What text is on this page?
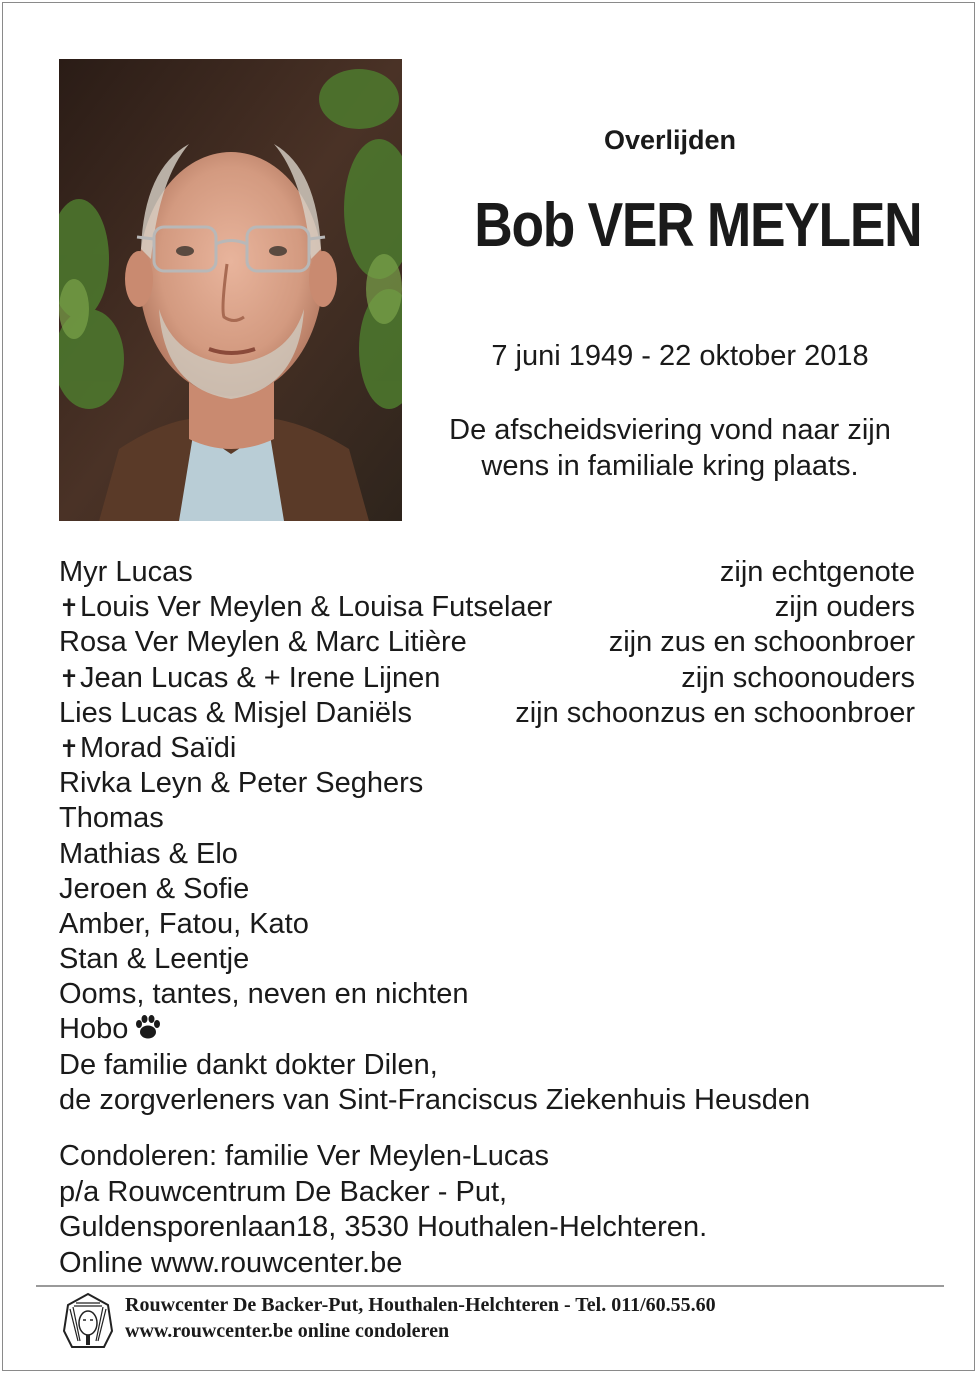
Overlijden
Bob VER MEYLEN
7 juni 1949 - 22 oktober 2018
De afscheidsviering vond naar zijn
wens in familiale kring plaats.
Myr Lucas	zijn echtgenote
✝Louis Ver Meylen & Louisa Futselaer	zijn ouders
Rosa Ver Meylen & Marc Litière	zijn zus en schoonbroer
✝Jean Lucas & + Irene Lijnen	zijn schoonouders
Lies Lucas & Misjel Daniëls	zijn schoonzus en schoonbroer
✝Morad Saïdi
Rivka Leyn & Peter Seghers
Thomas
Mathias & Elo
Jeroen & Sofie
Amber, Fatou, Kato
Stan & Leentje
Ooms, tantes, neven en nichten
Hobo
De familie dankt dokter Dilen,
de zorgverleners van Sint-Franciscus Ziekenhuis Heusden
Condoleren: familie Ver Meylen-Lucas
p/a Rouwcentrum De Backer - Put,
Guldensporenlaan18, 3530 Houthalen-Helchteren.
Online www.rouwcenter.be
Rouwcenter De Backer-Put, Houthalen-Helchteren - Tel. 011/60.55.60
www.rouwcenter.be online condoleren
